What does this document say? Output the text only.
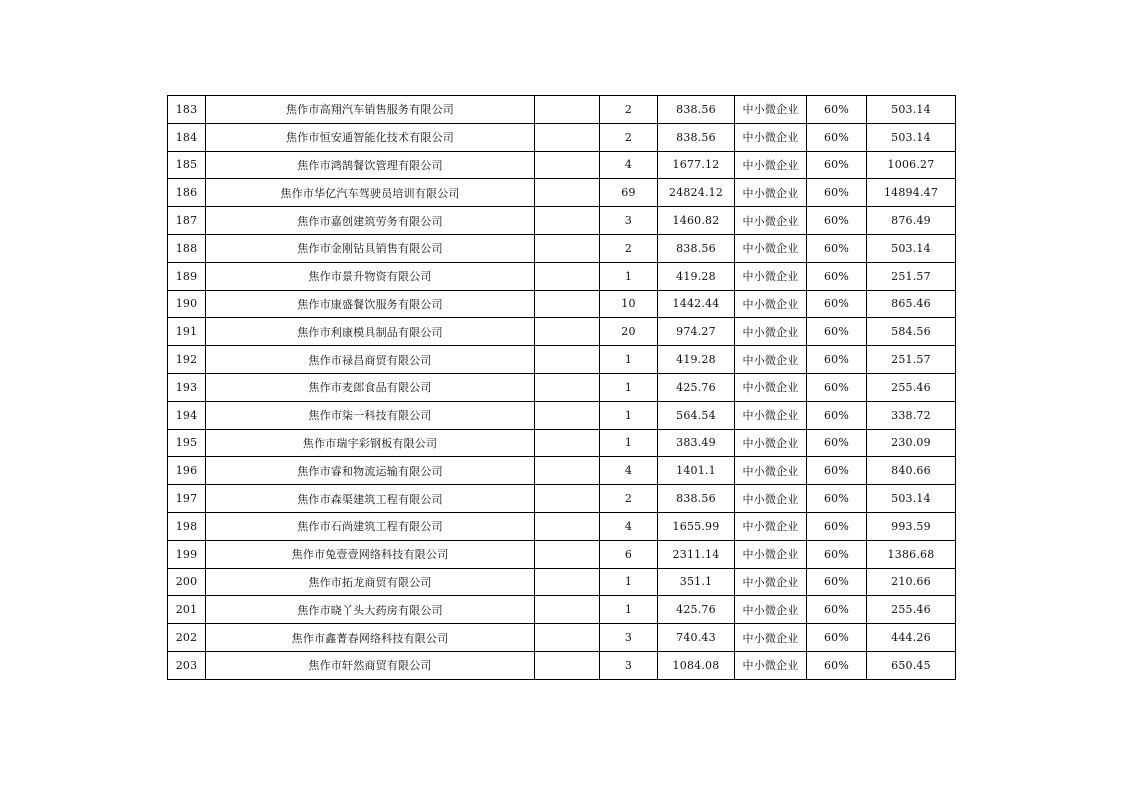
183	焦作市高翔汽车销售服务有限公司		2	838.56	中小微企业	60%	503.14
184	焦作市恒安通智能化技术有限公司		2	838.56	中小微企业	60%	503.14
185	焦作市鸿鹄餐饮管理有限公司		4	1677.12	中小微企业	60%	1006.27
186	焦作市华亿汽车驾驶员培训有限公司		69	24824.12	中小微企业	60%	14894.47
187	焦作市嘉创建筑劳务有限公司		3	1460.82	中小微企业	60%	876.49
188	焦作市金刚钻具销售有限公司		2	838.56	中小微企业	60%	503.14
189	焦作市景升物资有限公司		1	419.28	中小微企业	60%	251.57
190	焦作市康盛餐饮服务有限公司		10	1442.44	中小微企业	60%	865.46
191	焦作市利康模具制品有限公司		20	974.27	中小微企业	60%	584.56
192	焦作市禄昌商贸有限公司		1	419.28	中小微企业	60%	251.57
193	焦作市麦郎食品有限公司		1	425.76	中小微企业	60%	255.46
194	焦作市柒一科技有限公司		1	564.54	中小微企业	60%	338.72
195	焦作市瑞宇彩钢板有限公司		1	383.49	中小微企业	60%	230.09
196	焦作市睿和物流运输有限公司		4	1401.1	中小微企业	60%	840.66
197	焦作市森渠建筑工程有限公司		2	838.56	中小微企业	60%	503.14
198	焦作市石尚建筑工程有限公司		4	1655.99	中小微企业	60%	993.59
199	焦作市兔壹壹网络科技有限公司		6	2311.14	中小微企业	60%	1386.68
200	焦作市拓龙商贸有限公司		1	351.1	中小微企业	60%	210.66
201	焦作市晓丫头大药房有限公司		1	425.76	中小微企业	60%	255.46
202	焦作市鑫菁春网络科技有限公司		3	740.43	中小微企业	60%	444.26
203	焦作市轩然商贸有限公司		3	1084.08	中小微企业	60%	650.45
